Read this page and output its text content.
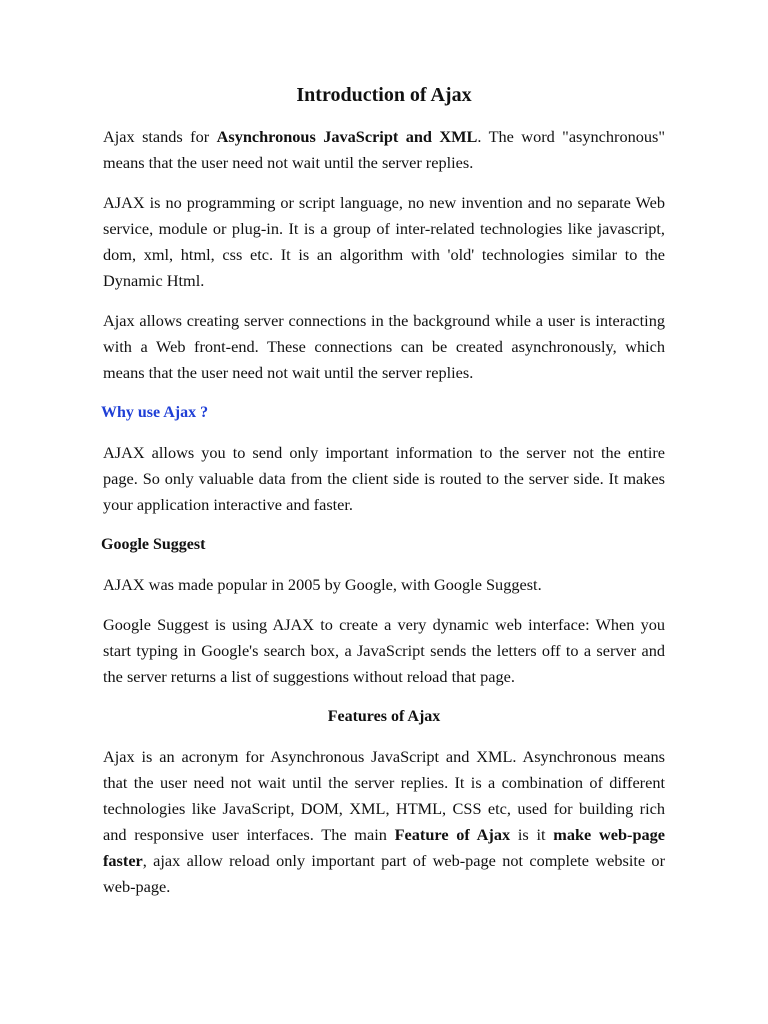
Introduction of Ajax

Ajax stands for Asynchronous JavaScript and XML. The word "asynchronous" means that the user need not wait until the server replies.

AJAX is no programming or script language, no new invention and no separate Web service, module or plug-in. It is a group of inter-related technologies like javascript, dom, xml, html, css etc. It is an algorithm with 'old' technologies similar to the Dynamic Html.

Ajax allows creating server connections in the background while a user is interacting with a Web front-end. These connections can be created asynchronously, which means that the user need not wait until the server replies.

Why use Ajax ?

AJAX allows you to send only important information to the server not the entire page. So only valuable data from the client side is routed to the server side. It makes your application interactive and faster.

Google Suggest

AJAX was made popular in 2005 by Google, with Google Suggest.

Google Suggest is using AJAX to create a very dynamic web interface: When you start typing in Google's search box, a JavaScript sends the letters off to a server and the server returns a list of suggestions without reload that page.

Features of Ajax

Ajax is an acronym for Asynchronous JavaScript and XML. Asynchronous means that the user need not wait until the server replies. It is a combination of different technologies like JavaScript, DOM, XML, HTML, CSS etc, used for building rich and responsive user interfaces. The main Feature of Ajax is it make web-page faster, ajax allow reload only important part of web-page not complete website or web-page.
